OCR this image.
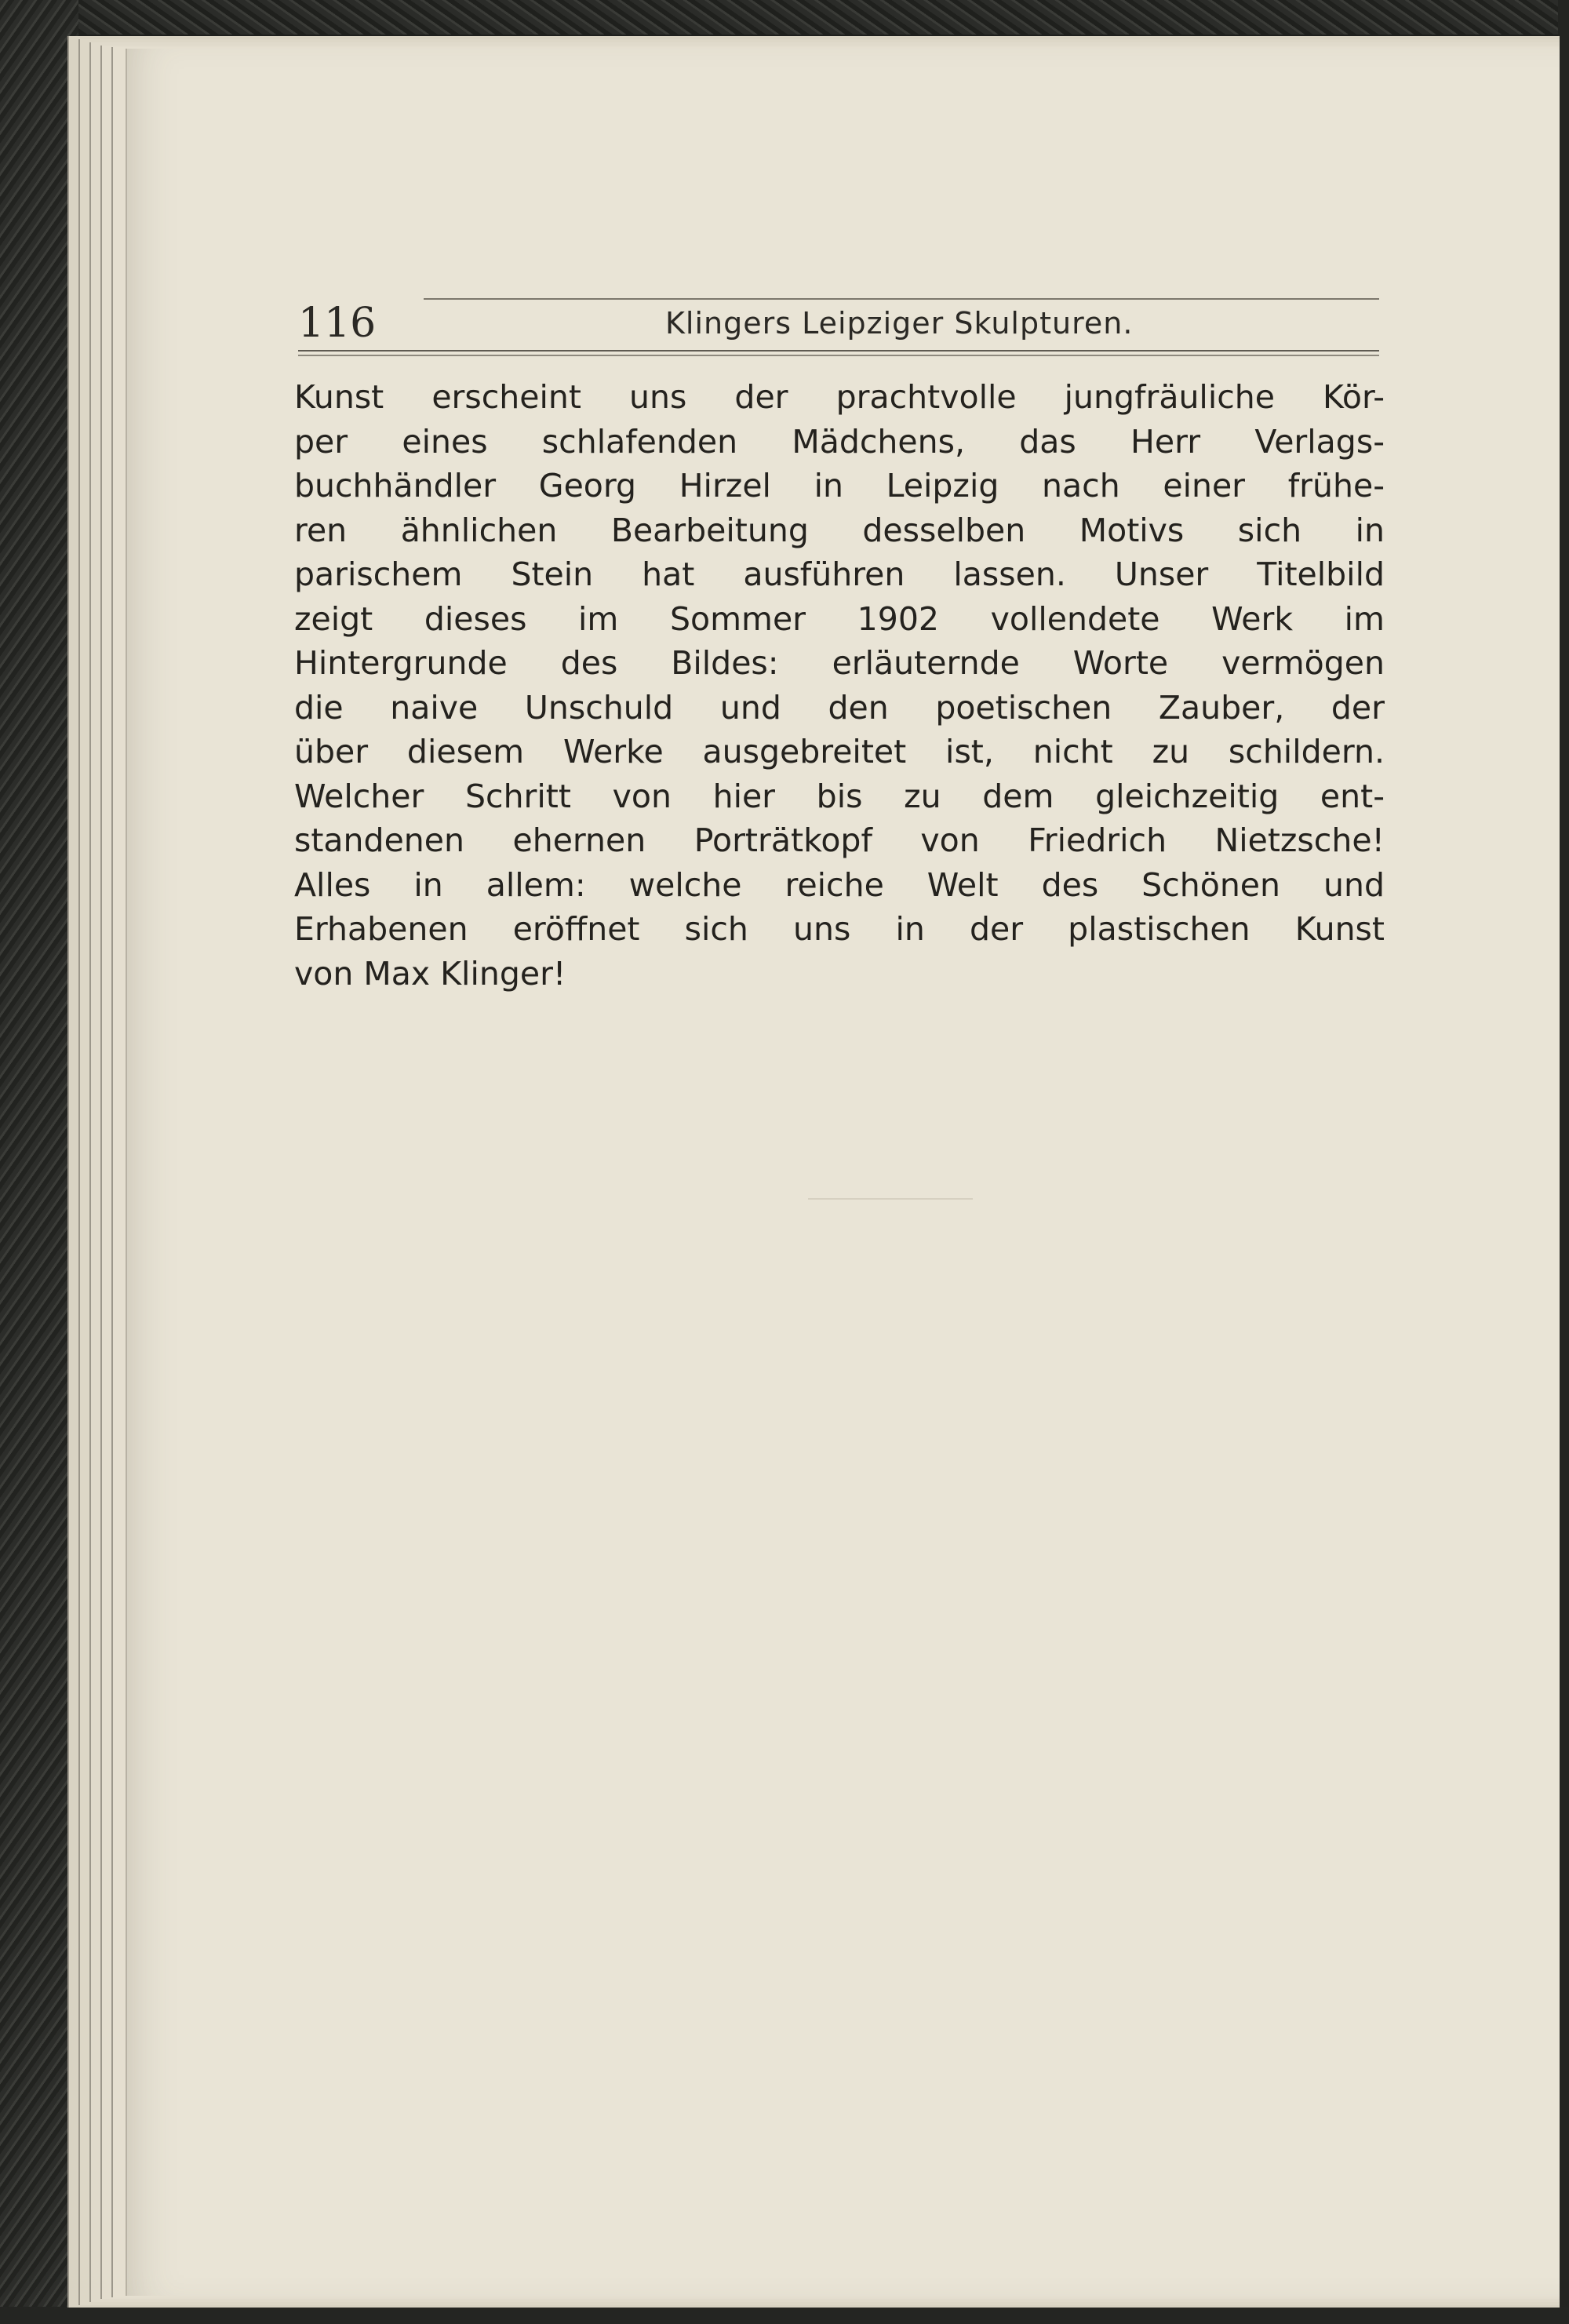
116	Klingers Leipziger Skulpturen.
Kunst erscheint uns der prachtvolle jungfräuliche Kör-
per eines schlafenden Mädchens, das Herr Verlags-
buchhändler Georg Hirzel in Leipzig nach einer frühe-
ren ähnlichen Bearbeitung desselben Motivs sich in
parischem Stein hat ausführen lassen. Unser Titelbild
zeigt dieses im Sommer 1902 vollendete Werk im
Hintergrunde des Bildes: erläuternde Worte vermögen
die naive Unschuld und den poetischen Zauber, der
über diesem Werke ausgebreitet ist, nicht zu schildern.
Welcher Schritt von hier bis zu dem gleichzeitig ent-
standenen ehernen Porträtkopf von Friedrich Nietzsche!
Alles in allem: welche reiche Welt des Schönen und
Erhabenen eröffnet sich uns in der plastischen Kunst
von Max Klinger!
